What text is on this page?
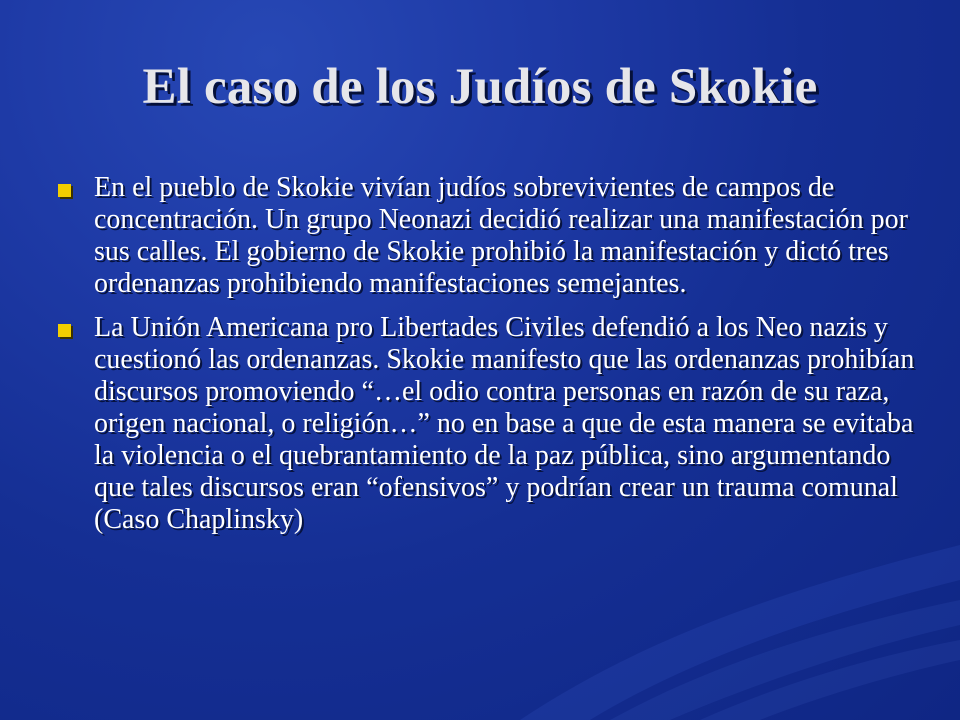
El caso de los Judíos de Skokie
En el pueblo de Skokie vivían judíos sobrevivientes de campos de concentración. Un grupo Neonazi decidió realizar una manifestación por sus calles. El gobierno de Skokie prohibió la manifestación y dictó tres ordenanzas prohibiendo manifestaciones semejantes.
La Unión Americana pro Libertades Civiles defendió a los Neo nazis y cuestionó las ordenanzas. Skokie manifesto que las ordenanzas prohibían discursos promoviendo “…el odio contra personas en razón de su raza, origen nacional, o religión…” no en base a que de esta manera se evitaba la violencia o el quebrantamiento de la paz pública, sino argumentando que tales discursos eran “ofensivos” y podrían crear un trauma comunal (Caso Chaplinsky)
